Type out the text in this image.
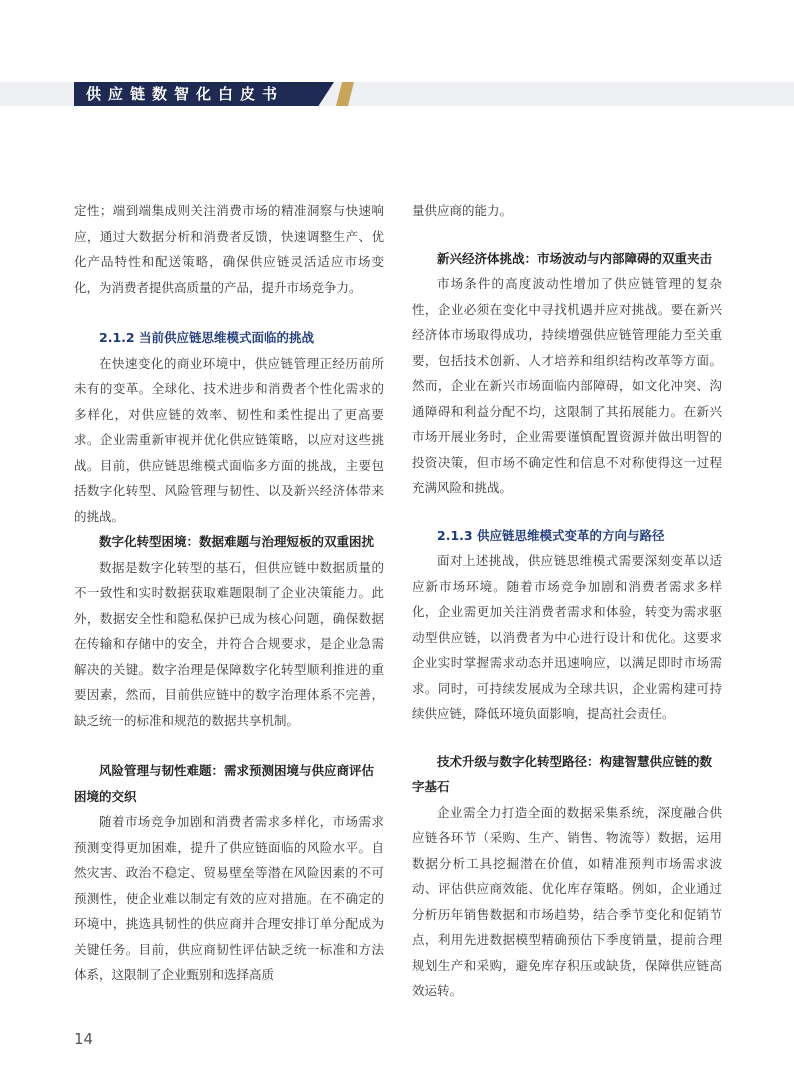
供应链数智化白皮书

定性；端到端集成则关注消费市场的精准洞察与快速响应，通过大数据分析和消费者反馈，快速调整生产、优化产品特性和配送策略，确保供应链灵活适应市场变化，为消费者提供高质量的产品，提升市场竞争力。

2.1.2 当前供应链思维模式面临的挑战

在快速变化的商业环境中，供应链管理正经历前所未有的变革。全球化、技术进步和消费者个性化需求的多样化，对供应链的效率、韧性和柔性提出了更高要求。企业需重新审视并优化供应链策略，以应对这些挑战。目前，供应链思维模式面临多方面的挑战，主要包括数字化转型、风险管理与韧性、以及新兴经济体带来的挑战。

数字化转型困境：数据难题与治理短板的双重困扰

数据是数字化转型的基石，但供应链中数据质量的不一致性和实时数据获取难题限制了企业决策能力。此外，数据安全性和隐私保护已成为核心问题，确保数据在传输和存储中的安全，并符合合规要求，是企业急需解决的关键。数字治理是保障数字化转型顺利推进的重要因素，然而，目前供应链中的数字治理体系不完善，缺乏统一的标准和规范的数据共享机制。

风险管理与韧性难题：需求预测困境与供应商评估困境的交织

随着市场竞争加剧和消费者需求多样化，市场需求预测变得更加困难，提升了供应链面临的风险水平。自然灾害、政治不稳定、贸易壁垒等潜在风险因素的不可预测性，使企业难以制定有效的应对措施。在不确定的环境中，挑选具韧性的供应商并合理安排订单分配成为关键任务。目前，供应商韧性评估缺乏统一标准和方法体系，这限制了企业甄别和选择高质

量供应商的能力。

新兴经济体挑战：市场波动与内部障碍的双重夹击

市场条件的高度波动性增加了供应链管理的复杂性，企业必须在变化中寻找机遇并应对挑战。要在新兴经济体市场取得成功，持续增强供应链管理能力至关重要，包括技术创新、人才培养和组织结构改革等方面。然而，企业在新兴市场面临内部障碍，如文化冲突、沟通障碍和利益分配不均，这限制了其拓展能力。在新兴市场开展业务时，企业需要谨慎配置资源并做出明智的投资决策，但市场不确定性和信息不对称使得这一过程充满风险和挑战。

2.1.3 供应链思维模式变革的方向与路径

面对上述挑战，供应链思维模式需要深刻变革以适应新市场环境。随着市场竞争加剧和消费者需求多样化，企业需更加关注消费者需求和体验，转变为需求驱动型供应链，以消费者为中心进行设计和优化。这要求企业实时掌握需求动态并迅速响应，以满足即时市场需求。同时，可持续发展成为全球共识，企业需构建可持续供应链，降低环境负面影响，提高社会责任。

技术升级与数字化转型路径：构建智慧供应链的数字基石

企业需全力打造全面的数据采集系统，深度融合供应链各环节（采购、生产、销售、物流等）数据，运用数据分析工具挖掘潜在价值，如精准预判市场需求波动、评估供应商效能、优化库存策略。例如，企业通过分析历年销售数据和市场趋势，结合季节变化和促销节点，利用先进数据模型精确预估下季度销量，提前合理规划生产和采购，避免库存积压或缺货，保障供应链高效运转。

14
